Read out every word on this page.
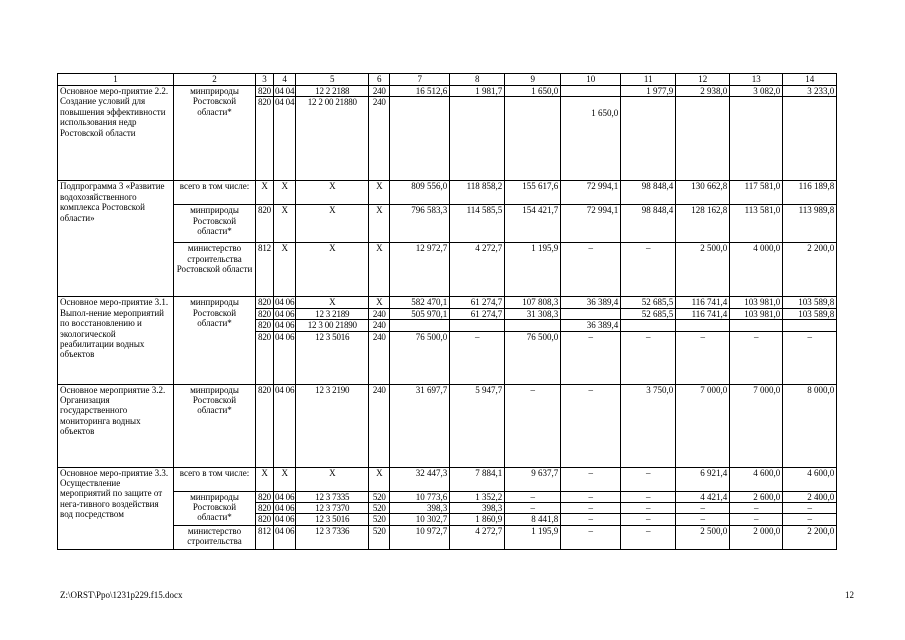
1	2	3	4	5	6	7	8	9	10	11	12	13	14
Основное меро-приятие 2.2. Создание условий для повышения эффективности использования недр Ростовской области	минприроды Ростовской области*	820	04 04	12 2 2188	240	16 512,6	1 981,7	1 650,0		1 977,9	2 938,0	3 082,0	3 233,0
		820	04 04	12 2 00 21880	240				1 650,0				
Подпрограмма 3 «Развитие водохозяйственного комплекса Ростовской области»	всего в том числе:	Х	Х	Х	Х	809 556,0	118 858,2	155 617,6	72 994,1	98 848,4	130 662,8	117 581,0	116 189,8
	минприроды Ростовской области*	820	Х	Х	Х	796 583,3	114 585,5	154 421,7	72 994,1	98 848,4	128 162,8	113 581,0	113 989,8
	министерство строительства Ростовской области	812	Х	Х	Х	12 972,7	4 272,7	1 195,9	–	–	2 500,0	4 000,0	2 200,0
Основное меро-приятие 3.1. Выпол-нение мероприятий по восстановлению и экологической реабилитации водных объектов	минприроды Ростовской области*	820	04 06	Х	Х	582 470,1	61 274,7	107 808,3	36 389,4	52 685,5	116 741,4	103 981,0	103 589,8
		820	04 06	12 3 2189	240	505 970,1	61 274,7	31 308,3		52 685,5	116 741,4	103 981,0	103 589,8
		820	04 06	12 3 00 21890	240				36 389,4				
		820	04 06	12 3 5016	240	76 500,0	–	76 500,0	–	–	–	–	–
Основное мероприятие 3.2. Организация государственного мониторинга водных объектов	минприроды Ростовской области*	820	04 06	12 3 2190	240	31 697,7	5 947,7	–	–	3 750,0	7 000,0	7 000,0	8 000,0
Основное меро-приятие 3.3. Осуществление мероприятий по защите от нега-тивного воздействия вод посредством	всего в том числе:	Х	Х	Х	Х	32 447,3	7 884,1	9 637,7	–	–	6 921,4	4 600,0	4 600,0
	минприроды Ростовской области*	820	04 06	12 3 7335	520	10 773,6	1 352,2	–	–	–	4 421,4	2 600,0	2 400,0
		820	04 06	12 3 7370	520	398,3	398,3	–	–	–	–	–	–
		820	04 06	12 3 5016	520	10 302,7	1 860,9	8 441,8	–	–	–	–	–
	министерство строительства	812	04 06	12 3 7336	520	10 972,7	4 272,7	1 195,9	–	–	2 500,0	2 000,0	2 200,0
Z:\ORST\Ppo\1231p229.f15.docx	12
